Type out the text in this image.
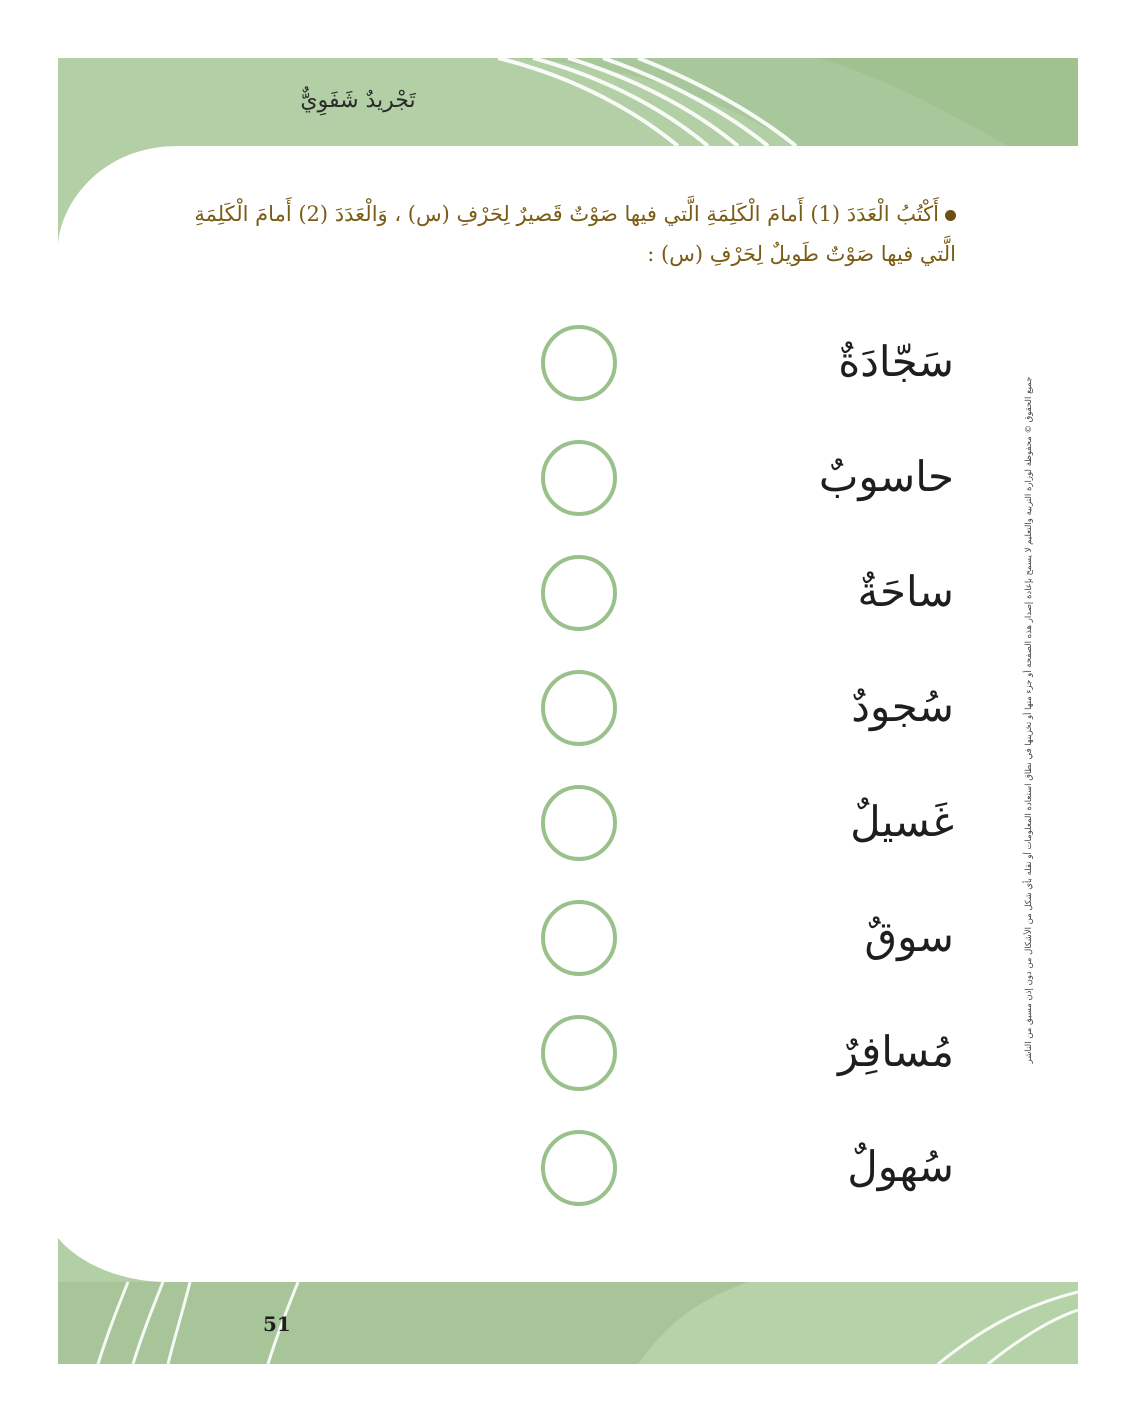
تَجْريدٌ شَفَوِيٌّ
أَكْتُبُ الْعَدَدَ (1) أَمامَ الْكَلِمَةِ الَّتي فيها صَوْتٌ قَصيرٌ لِحَرْفِ (س) ، وَالْعَدَدَ (2) أَمامَ الْكَلِمَةِ الَّتي فيها صَوْتٌ طَويلٌ لِحَرْفِ (س) :
سَجّادَةٌ
حاسوبٌ
ساحَةٌ
سُجودٌ
غَسيلٌ
سوقٌ
مُسافِرٌ
سُهولٌ
جميع الحقوق © محفوظة لوزارة التربية والتعليم لا يسمح بإعادة إصدار هذه الصفحة أو جزء منها أو تخزينها في نطاق استعادة المعلومات أو نقله بأي شكل من الأشكال من دون إذن مسبق من الناشر
51
